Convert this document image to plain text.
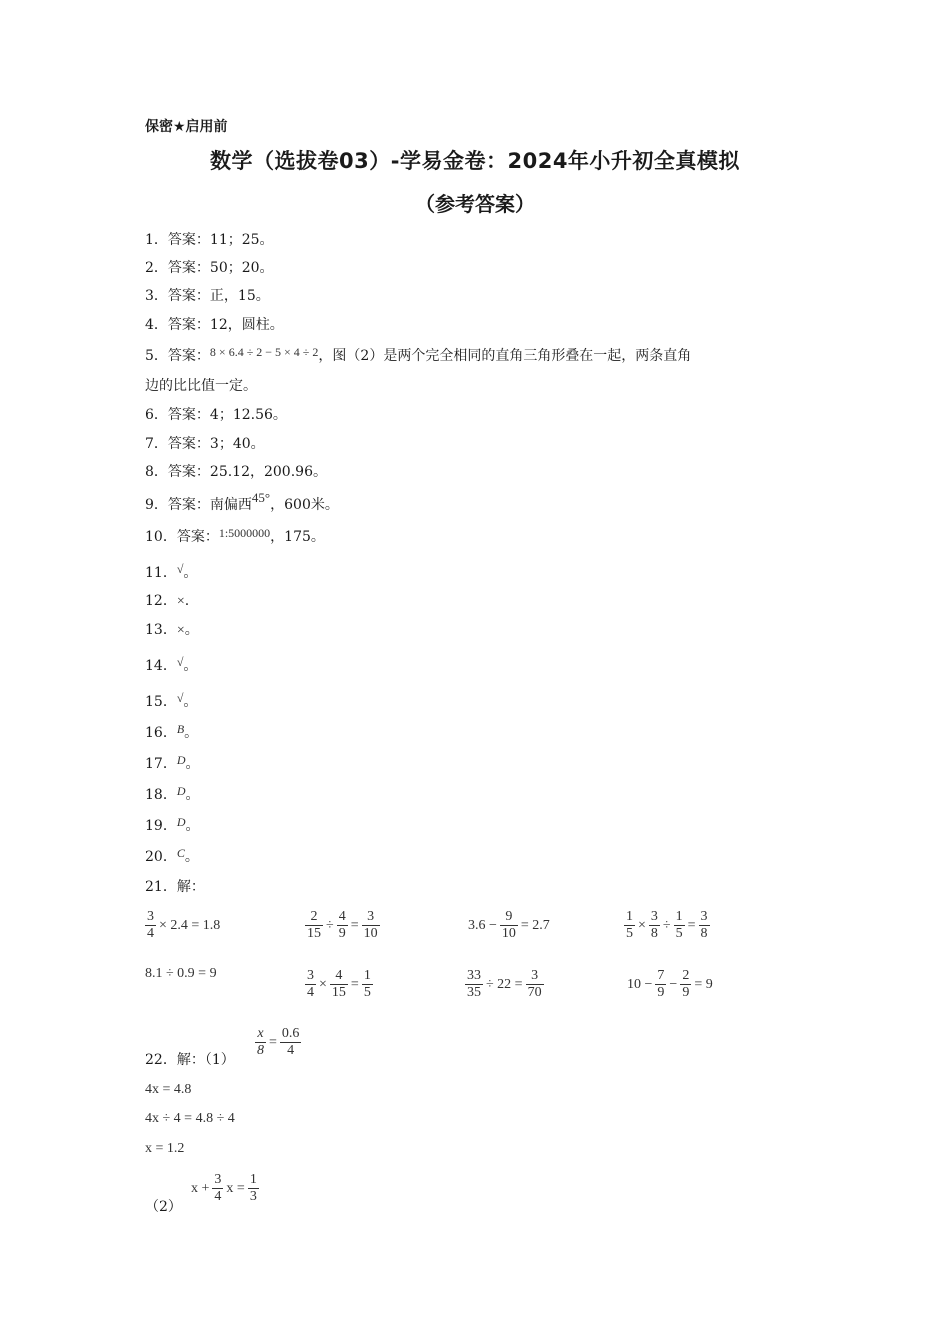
保密★启用前
数学（选拔卷03）-学易金卷：2024年小升初全真模拟
（参考答案）
1．答案：11；25。
2．答案：50；20。
3．答案：正，15。
4．答案：12，圆柱。
5．答案：8 × 6.4 ÷ 2 − 5 × 4 ÷ 2，图（2）是两个完全相同的直角三角形叠在一起，两条直角
边的比比值一定。
6．答案：4；12.56。
7．答案：3；40。
8．答案：25.12，200.96。
9．答案：南偏西45°，600米。
10．答案：1:5000000，175。
11．√。
12．×.
13．×。
14．√。
15．√。
16．B。
17．D。
18．D。
19．D。
20．C。
21．解：
$\frac{3}{4} \times 2.4 = 1.8$	$\frac{2}{15} \div \frac{4}{9} = \frac{3}{10}$	$3.6 - \frac{9}{10} = 2.7$	$\frac{1}{5} \times \frac{3}{8} \div \frac{1}{5} = \frac{3}{8}$
8.1 ÷ 0.9 = 9	$\frac{3}{4} \times \frac{4}{15} = \frac{1}{5}$	$\frac{33}{35} \div 22 = \frac{3}{70}$	$10 - \frac{7}{9} - \frac{2}{9} = 9$
22．解：（1）
$\frac{x}{8} = \frac{0.6}{4}$
4x = 4.8
4x ÷ 4 = 4.8 ÷ 4
x = 1.2
（2）
$x + \frac{3}{4}$ $x = \frac{1}{3}$
